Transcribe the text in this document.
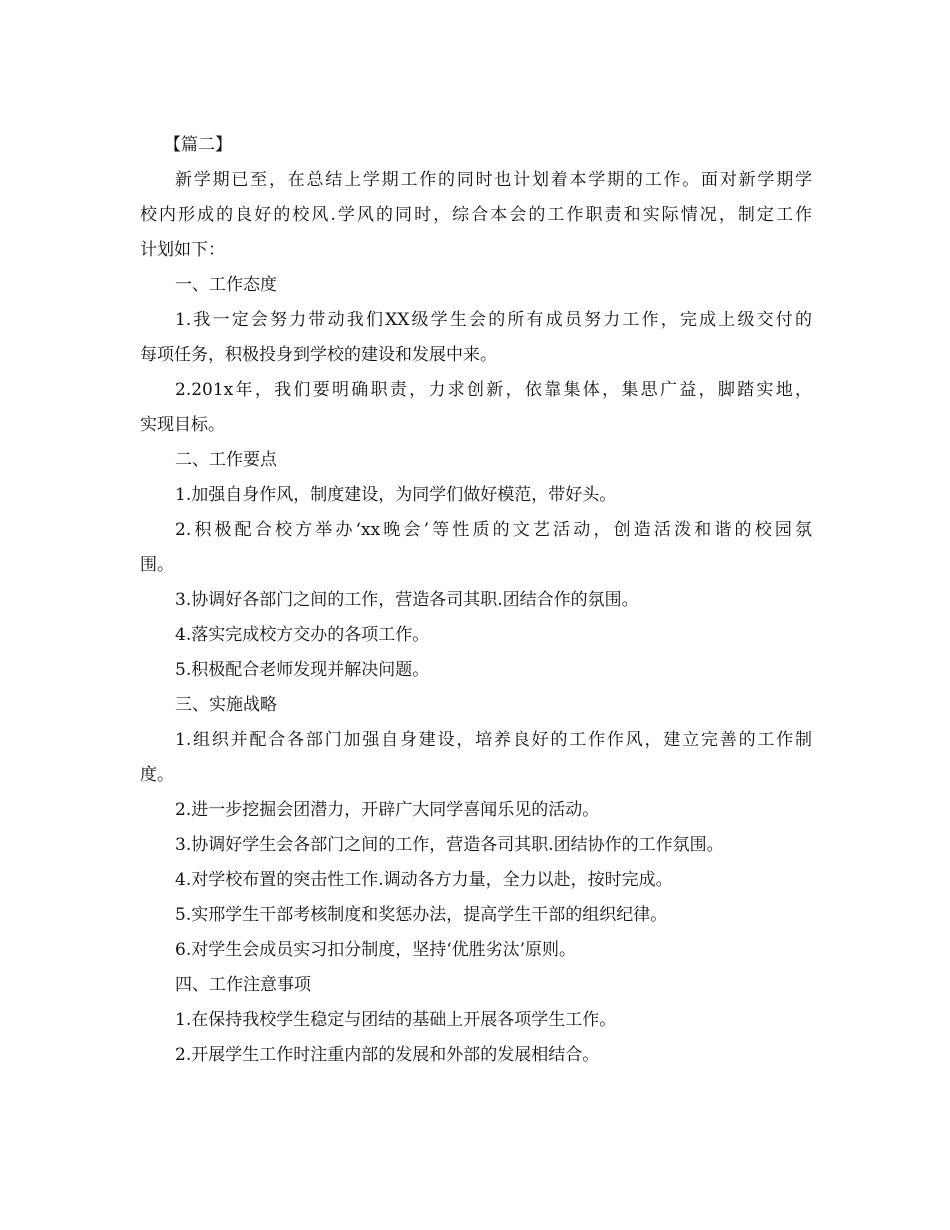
【篇二】
新学期已至，在总结上学期工作的同时也计划着本学期的工作。面对新学期学
校内形成的良好的校风.学风的同时，综合本会的工作职责和实际情况，制定工作
计划如下：
一、工作态度
1.我一定会努力带动我们XX级学生会的所有成员努力工作，完成上级交付的
每项任务，积极投身到学校的建设和发展中来。
2.201x年，我们要明确职责，力求创新，依靠集体，集思广益，脚踏实地，
实现目标。
二、工作要点
1.加强自身作风，制度建设，为同学们做好模范，带好头。
2.积极配合校方举办‘xx晚会’等性质的文艺活动，创造活泼和谐的校园氛
围。
3.协调好各部门之间的工作，营造各司其职.团结合作的氛围。
4.落实完成校方交办的各项工作。
5.积极配合老师发现并解决问题。
三、实施战略
1.组织并配合各部门加强自身建设，培养良好的工作作风，建立完善的工作制
度。
2.进一步挖掘会团潜力，开辟广大同学喜闻乐见的活动。
3.协调好学生会各部门之间的工作，营造各司其职.团结协作的工作氛围。
4.对学校布置的突击性工作.调动各方力量，全力以赴，按时完成。
5.实邢学生干部考核制度和奖惩办法，提高学生干部的组织纪律。
6.对学生会成员实习扣分制度，坚持‘优胜劣汰’原则。
四、工作注意事项
1.在保持我校学生稳定与团结的基础上开展各项学生工作。
2.开展学生工作时注重内部的发展和外部的发展相结合。
